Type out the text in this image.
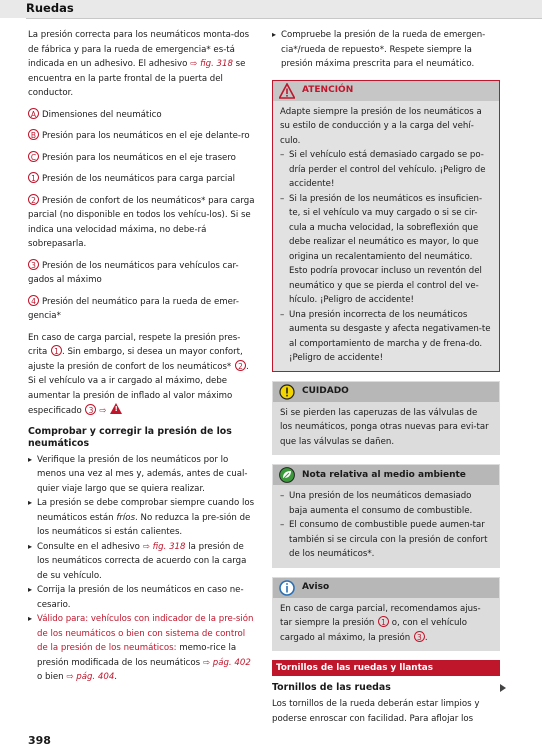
Ruedas

La presión correcta para los neumáticos monta-dos de fábrica y para la rueda de emergencia* es-tá indicada en un adhesivo. El adhesivo ⇨ fig. 318 se encuentra en la parte frontal de la puerta del conductor.

A Dimensiones del neumático
B Presión para los neumáticos en el eje delante-ro
C Presión para los neumáticos en el eje trasero
1 Presión de los neumáticos para carga parcial
2 Presión de confort de los neumáticos* para carga parcial (no disponible en todos los vehícu-los). Si se indica una velocidad máxima, no debe-rá sobrepasarla.
3 Presión de los neumáticos para vehículos car-gados al máximo
4 Presión del neumático para la rueda de emer-gencia*

En caso de carga parcial, respete la presión pres-crita 1 . Sin embargo, si desea un mayor confort, ajuste la presión de confort de los neumáticos* 2 . Si el vehículo va a ir cargado al máximo, debe aumentar la presión de inflado al valor máximo especificado 3 ⇨ !

Comprobar y corregir la presión de los neumáticos
▸ Verifique la presión de los neumáticos por lo menos una vez al mes y, además, antes de cual-quier viaje largo que se quiera realizar.
▸ La presión se debe comprobar siempre cuando los neumáticos están fríos. No reduzca la pre-sión de los neumáticos si están calientes.
▸ Consulte en el adhesivo ⇨ fig. 318 la presión de los neumáticos correcta de acuerdo con la carga de su vehículo.
▸ Corrija la presión de los neumáticos en caso ne-cesario.
▸ Válido para: vehículos con indicador de la pre-sión de los neumáticos o bien con sistema de control de la presión de los neumáticos: memo-rice la presión modificada de los neumáticos ⇨ pág. 402 o bien ⇨ pág. 404.
▸ Compruebe la presión de la rueda de emergen-cia*/rueda de repuesto*. Respete siempre la presión máxima prescrita para el neumático.
ATENCIÓN
Adapte siempre la presión de los neumáticos a su estilo de conducción y a la carga del vehí-culo.
– Si el vehículo está demasiado cargado se po-dría perder el control del vehículo. ¡Peligro de accidente!
– Si la presión de los neumáticos es insuficien-te, si el vehículo va muy cargado o si se cir-cula a mucha velocidad, la sobreflexión que debe realizar el neumático es mayor, lo que origina un recalentamiento del neumático. Esto podría provocar incluso un reventón del neumático y que se pierda el control del ve-hículo. ¡Peligro de accidente!
– Una presión incorrecta de los neumáticos aumenta su desgaste y afecta negativamen-te al comportamiento de marcha y de frena-do. ¡Peligro de accidente!
CUIDADO
Si se pierden las caperuzas de las válvulas de los neumáticos, ponga otras nuevas para evi-tar que las válvulas se dañen.
Nota relativa al medio ambiente
– Una presión de los neumáticos demasiado baja aumenta el consumo de combustible.
– El consumo de combustible puede aumen-tar también si se circula con la presión de confort de los neumáticos*.
Aviso
En caso de carga parcial, recomendamos ajus-tar siempre la presión 1 o, con el vehículo cargado al máximo, la presión 3 .
Tornillos de las ruedas y llantas
Tornillos de las ruedas

Los tornillos de la rueda deberán estar limpios y poderse enroscar con facilidad. Para aflojar los

398
